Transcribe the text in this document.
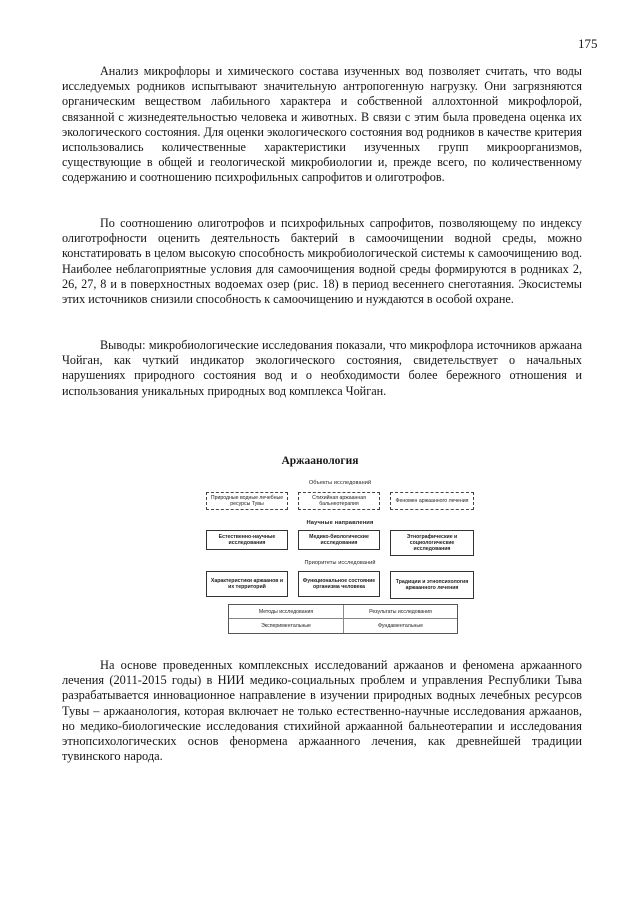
175

Анализ микрофлоры и химического состава изученных вод позволяет считать, что воды исследуемых родников испытывают значительную антропогенную нагрузку. Они загрязняются органическим веществом лабильного характера и собственной аллохтонной микрофлорой, связанной с жизнедеятельностью человека и животных. В связи с этим была проведена оценка их экологического состояния. Для оценки экологического состояния вод родников в качестве критерия использовались количественные характеристики изученных групп микроорганизмов, существующие в общей и геологической микробиологии и, прежде всего, по количественному содержанию и соотношению психрофильных сапрофитов и олиготрофов.

По соотношению олиготрофов и психрофильных сапрофитов, позволяющему по индексу олиготрофности оценить деятельность бактерий в самоочищении водной среды, можно констатировать в целом высокую способность микробиологической системы к самоочищению вод. Наиболее неблагоприятные условия для самоочищения водной среды формируются в родниках 2, 26, 27, 8 и в поверхностных водоемах озер (рис. 18) в период весеннего снеготаяния. Экосистемы этих источников снизили способность к самоочищению и нуждаются в особой охране.

Выводы: микробиологические исследования показали, что микрофлора источников аржаана Чойган, как чуткий индикатор экологического состояния, свидетельствует о начальных нарушениях природного состояния вод и о необходимости более бережного отношения и использования уникальных природных вод комплекса Чойган.

Аржаанология
Объекты исследований
Природные водные лечебные ресурсы Тувы
Стихийная аржаанная бальнеотерапия
Феномен аржаанного лечения
Научные направления
Естественно-научные исследования
Медико-биологические исследования
Этнографические и социологические исследования
Приоритеты исследований
Характеристики аржаанов и их территорий
Функциональное состояние организма человека
Традиции и этнопсихология аржаанного лечения
Методы исследования	Результаты исследования
Экспериментальные	Фундаментальные

На основе проведенных комплексных исследований аржаанов и феномена аржаанного лечения (2011-2015 годы) в НИИ медико-социальных проблем и управления Республики Тыва разрабатывается инновационное направление в изучении природных водных лечебных ресурсов Тувы – аржаанология, которая включает не только естественно-научные исследования аржаанов, но медико-биологические исследования стихийной аржаанной бальнеотерапии и исследования этнопсихологических основ фенормена аржаанного лечения, как древнейшей традиции тувинского народа.
